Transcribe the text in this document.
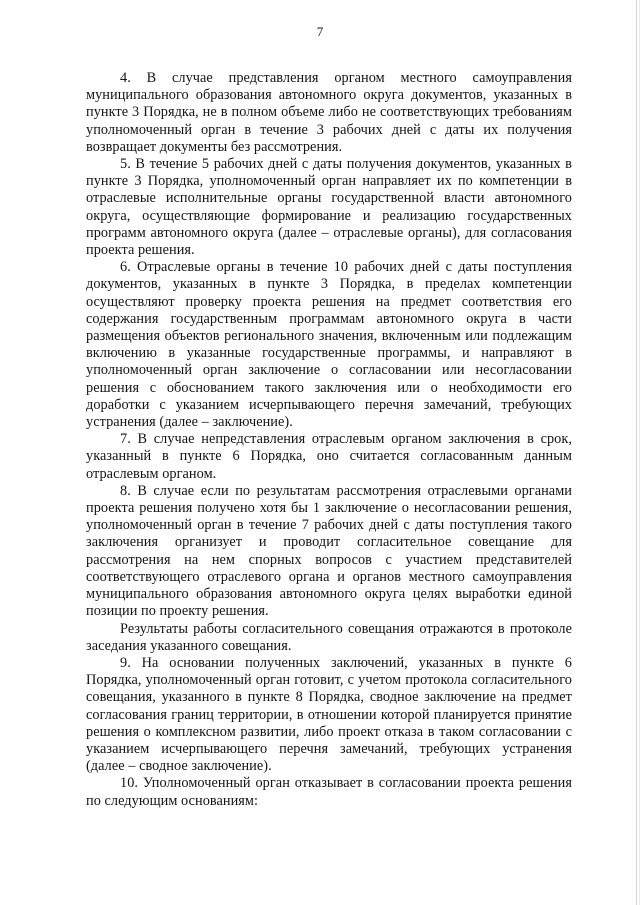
7

4. В случае представления органом местного самоуправления муниципального образования автономного округа документов, указанных в пункте 3 Порядка, не в полном объеме либо не соответствующих требованиям уполномоченный орган в течение 3 рабочих дней с даты их получения возвращает документы без рассмотрения.

5. В течение 5 рабочих дней с даты получения документов, указанных в пункте 3 Порядка, уполномоченный орган направляет их по компетенции в отраслевые исполнительные органы государственной власти автономного округа, осуществляющие формирование и реализацию государственных программ автономного округа (далее – отраслевые органы), для согласования проекта решения.

6. Отраслевые органы в течение 10 рабочих дней с даты поступления документов, указанных в пункте 3 Порядка, в пределах компетенции осуществляют проверку проекта решения на предмет соответствия его содержания государственным программам автономного округа в части размещения объектов регионального значения, включенным или подлежащим включению в указанные государственные программы, и направляют в уполномоченный орган заключение о согласовании или несогласовании решения с обоснованием такого заключения или о необходимости его доработки с указанием исчерпывающего перечня замечаний, требующих устранения (далее – заключение).

7. В случае непредставления отраслевым органом заключения в срок, указанный в пункте 6 Порядка, оно считается согласованным данным отраслевым органом.

8. В случае если по результатам рассмотрения отраслевыми органами проекта решения получено хотя бы 1 заключение о несогласовании решения, уполномоченный орган в течение 7 рабочих дней с даты поступления такого заключения организует и проводит согласительное совещание для рассмотрения на нем спорных вопросов с участием представителей соответствующего отраслевого органа и органов местного самоуправления муниципального образования автономного округа целях выработки единой позиции по проекту решения.

Результаты работы согласительного совещания отражаются в протоколе заседания указанного совещания.

9. На основании полученных заключений, указанных в пункте 6 Порядка, уполномоченный орган готовит, с учетом протокола согласительного совещания, указанного в пункте 8 Порядка, сводное заключение на предмет согласования границ территории, в отношении которой планируется принятие решения о комплексном развитии, либо проект отказа в таком согласовании с указанием исчерпывающего перечня замечаний, требующих устранения (далее – сводное заключение).

10. Уполномоченный орган отказывает в согласовании проекта решения по следующим основаниям:
